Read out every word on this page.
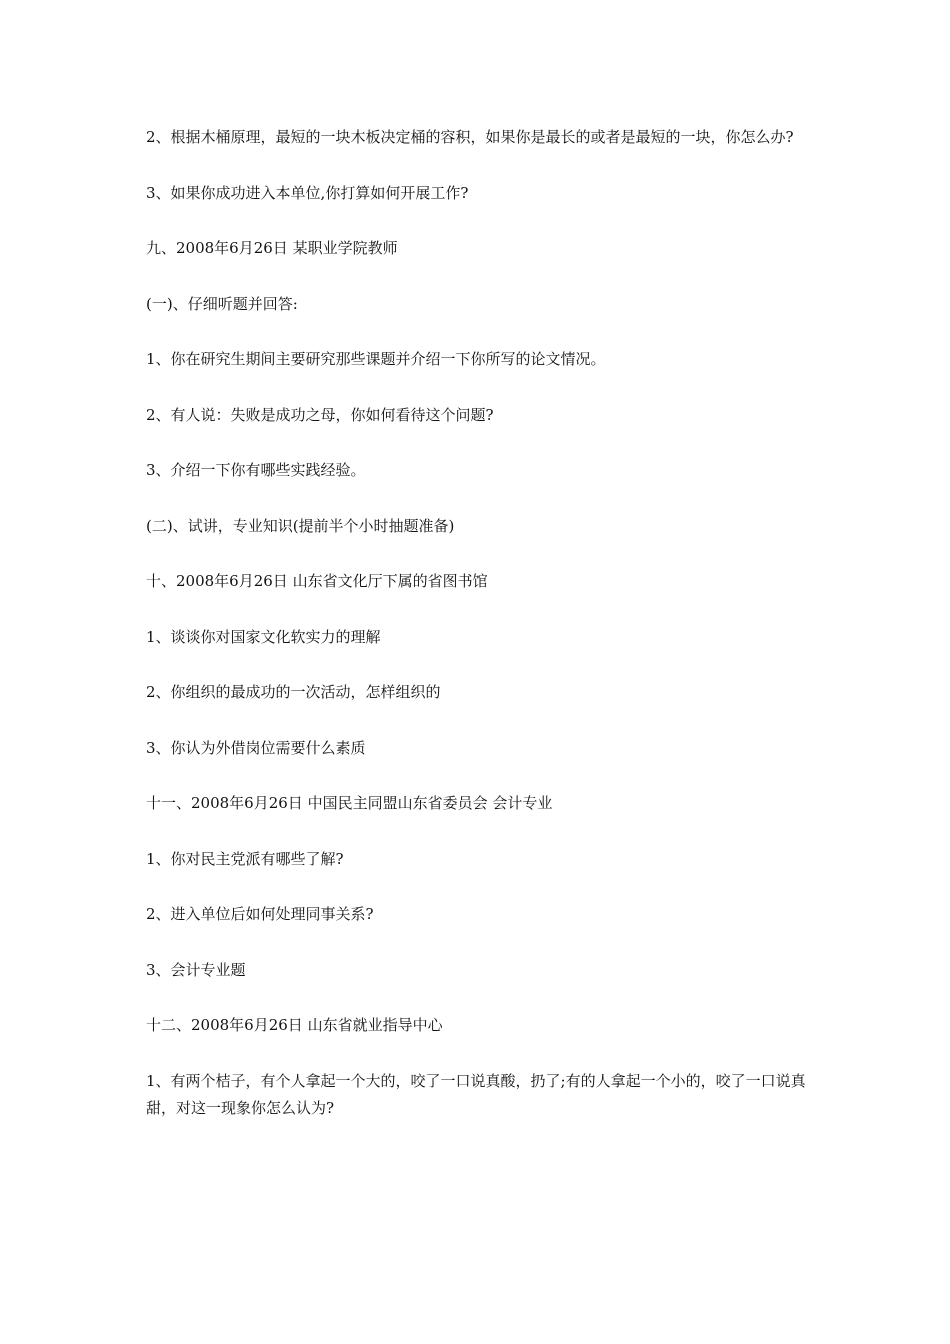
2、根据木桶原理，最短的一块木板决定桶的容积，如果你是最长的或者是最短的一块，你怎么办?

3、如果你成功进入本单位,你打算如何开展工作?

九、2008年6月26日 某职业学院教师

(一)、仔细听题并回答:

1、你在研究生期间主要研究那些课题并介绍一下你所写的论文情况。

2、有人说：失败是成功之母，你如何看待这个问题?

3、介绍一下你有哪些实践经验。

(二)、试讲，专业知识(提前半个小时抽题准备)

十、2008年6月26日 山东省文化厅下属的省图书馆

1、谈谈你对国家文化软实力的理解

2、你组织的最成功的一次活动，怎样组织的

3、你认为外借岗位需要什么素质

十一、2008年6月26日 中国民主同盟山东省委员会 会计专业

1、你对民主党派有哪些了解?

2、进入单位后如何处理同事关系?

3、会计专业题

十二、2008年6月26日 山东省就业指导中心

1、有两个桔子，有个人拿起一个大的，咬了一口说真酸，扔了;有的人拿起一个小的，咬了一口说真甜，对这一现象你怎么认为?
